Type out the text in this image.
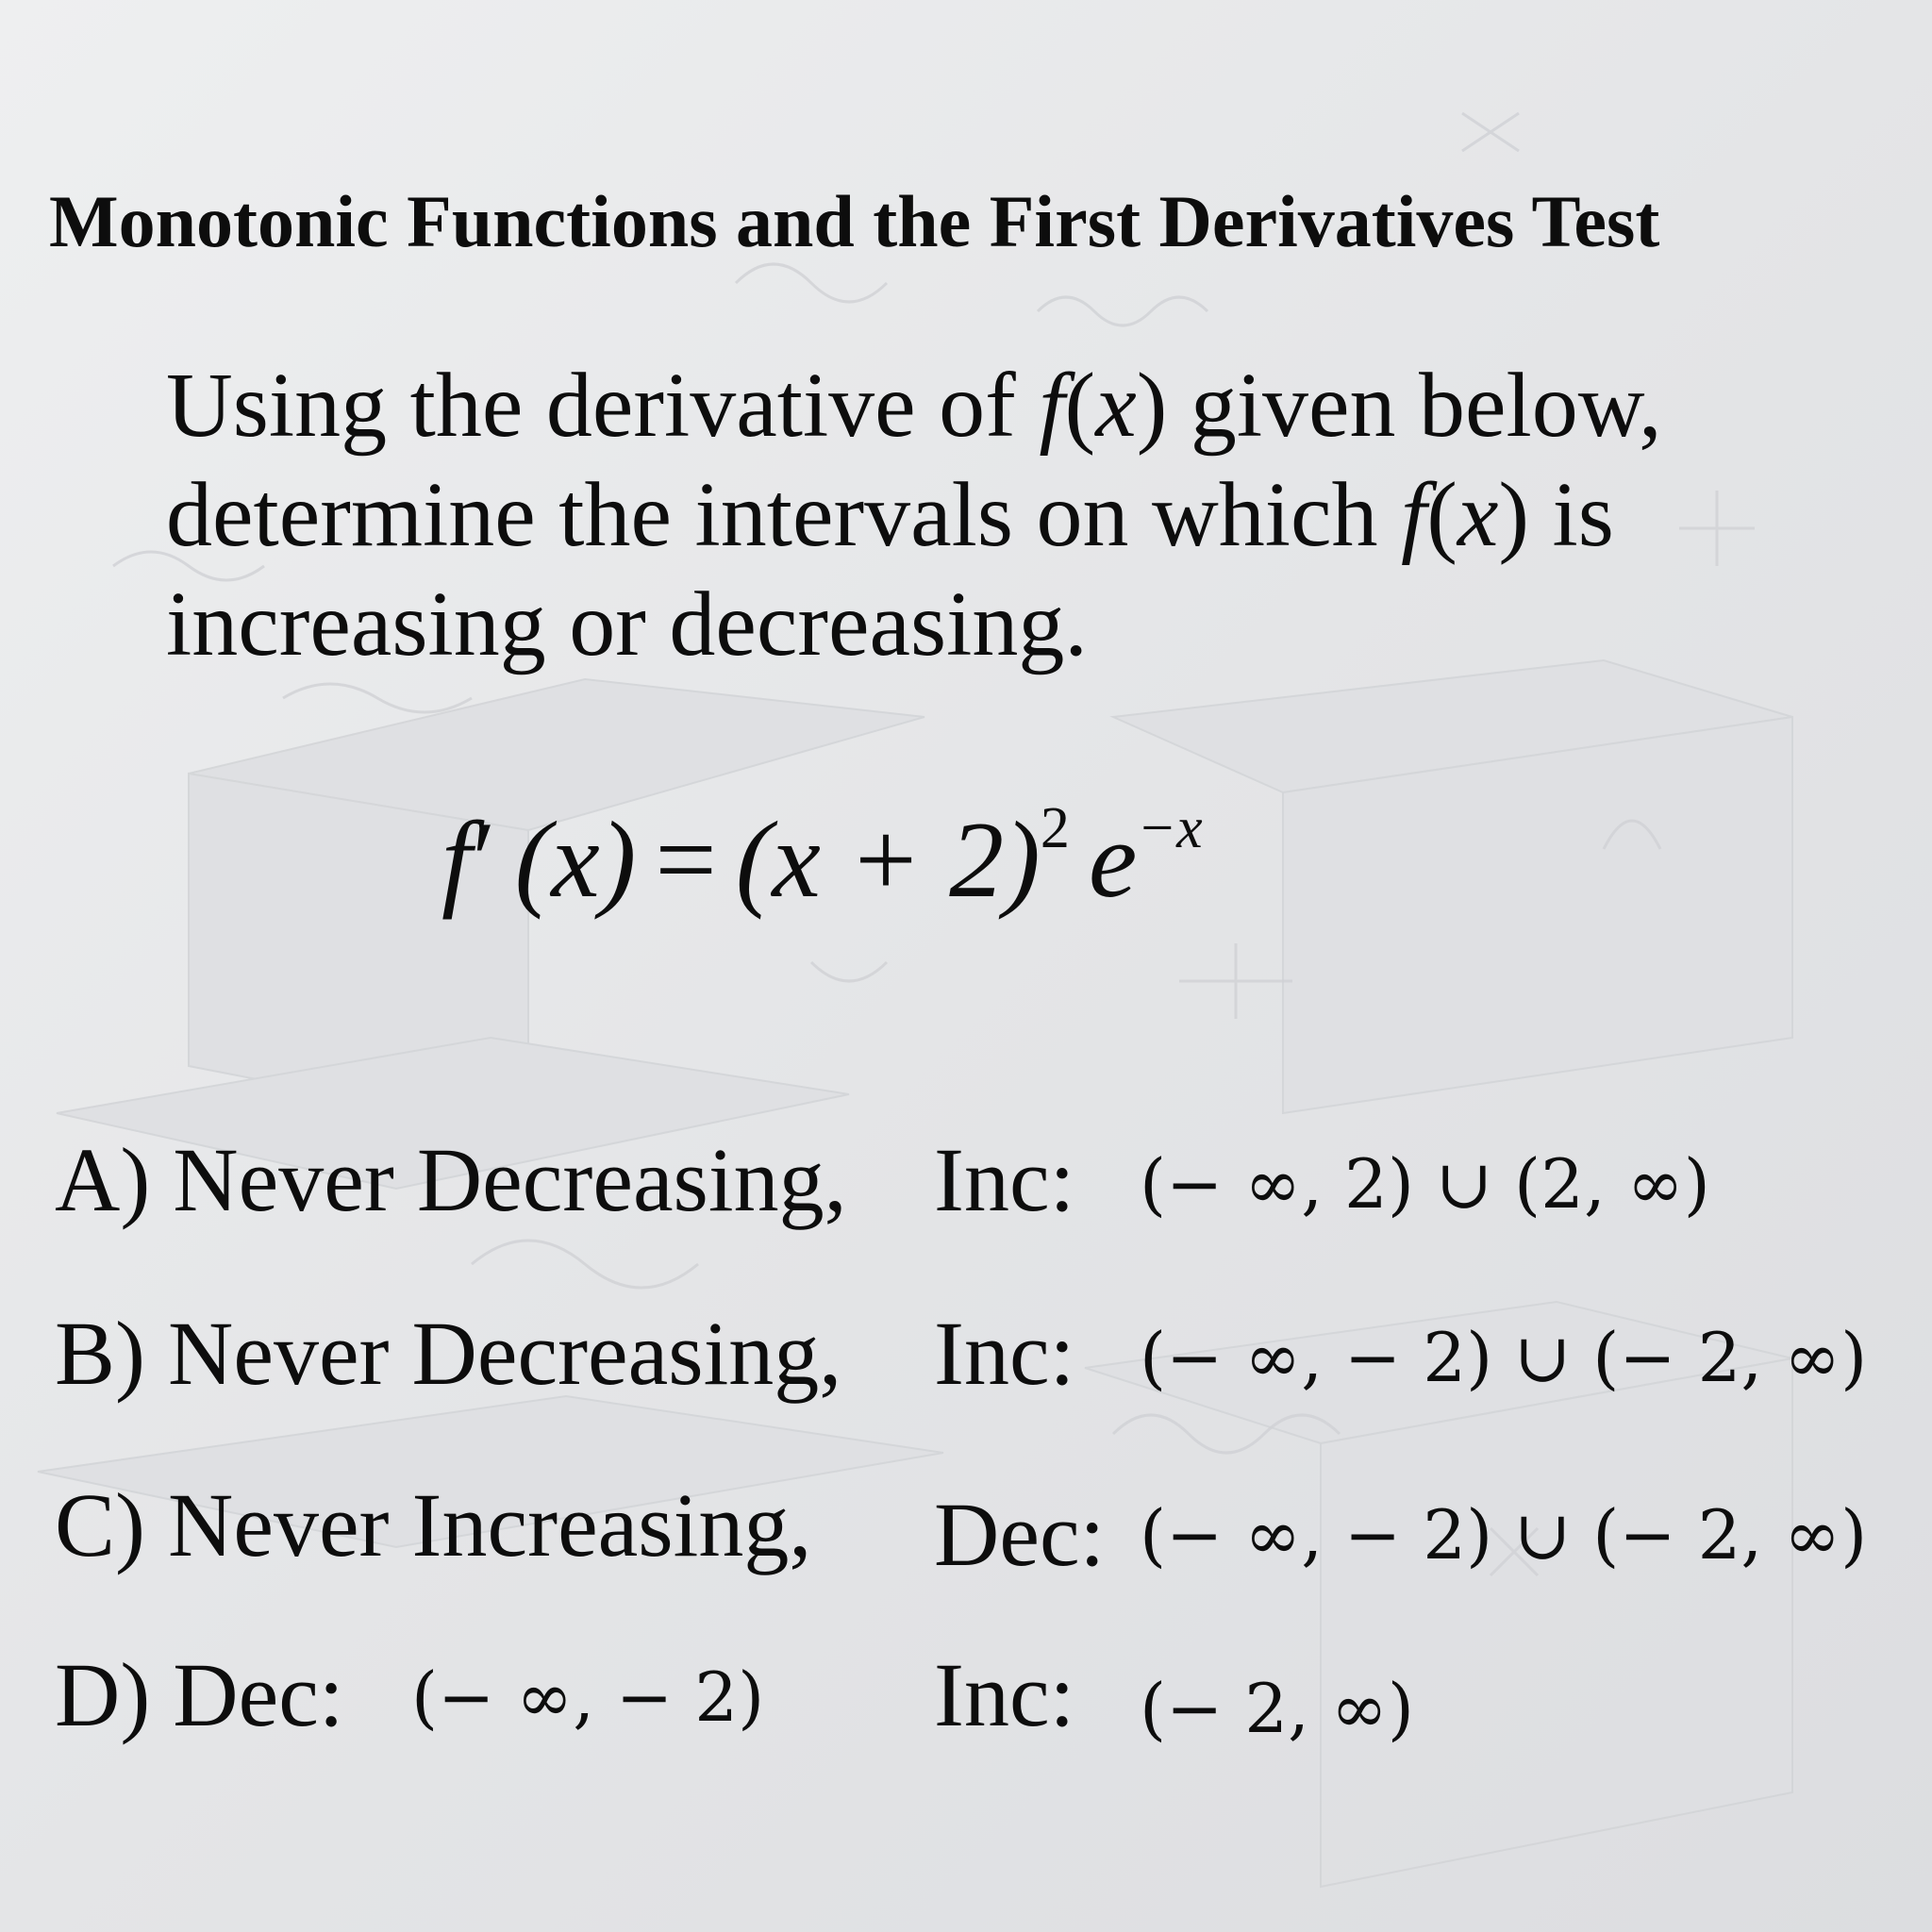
Monotonic Functions and the First Derivatives Test
Using the derivative of f(x) given below,
determine the intervals on which f(x) is
increasing or decreasing.
f′ $(x) = (x + 2)^2$ $e^{-x}$
A) Never Decreasing, Inc: (− ∞, 2) ∪ (2, ∞)
B) Never Decreasing, Inc: (− ∞, − 2) ∪ (− 2, ∞)
C) Never Increasing, Dec: (− ∞, − 2) ∪ (− 2, ∞)
D) Dec: (− ∞, − 2) Inc: (− 2, ∞)
